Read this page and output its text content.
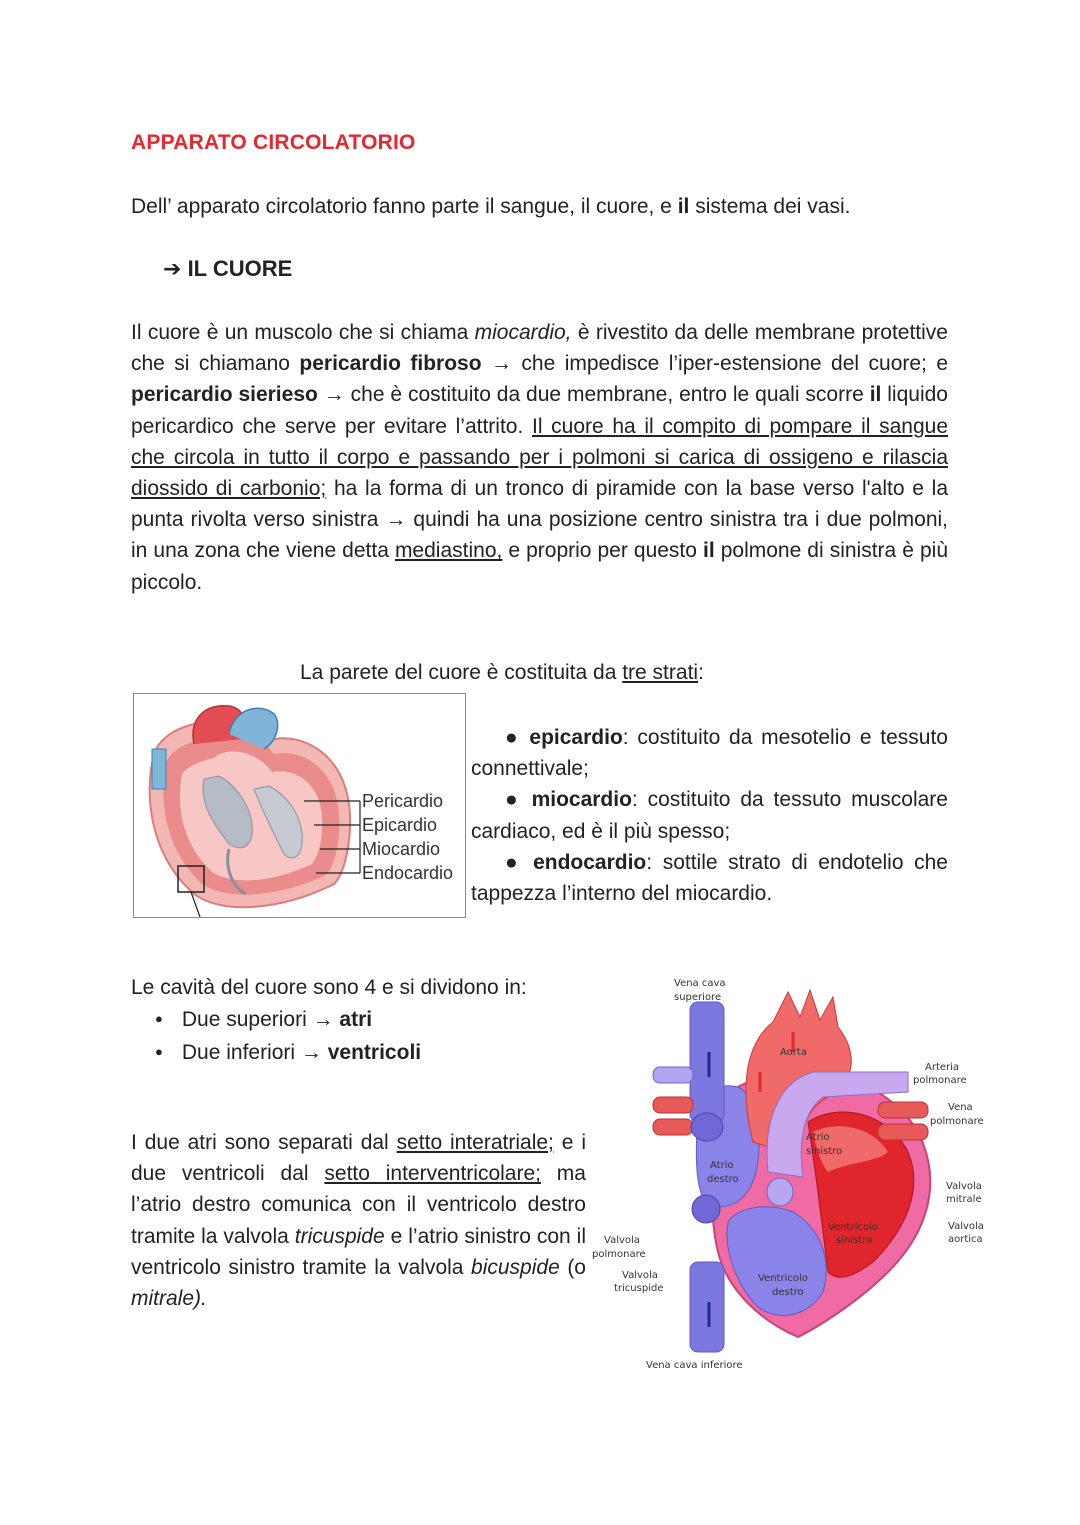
APPARATO CIRCOLATORIO
Dell’ apparato circolatorio fanno parte il sangue, il cuore, e il sistema dei vasi.
➔ IL CUORE

Il cuore è un muscolo che si chiama miocardio, è rivestito da delle membrane protettive che si chiamano pericardio fibroso → che impedisce l’iper-estensione del cuore; e pericardio sierieso → che è costituito da due membrane, entro le quali scorre il liquido pericardico che serve per evitare l’attrito. Il cuore ha il compito di pompare il sangue che circola in tutto il corpo e passando per i polmoni si carica di ossigeno e rilascia diossido di carbonio; ha la forma di un tronco di piramide con la base verso l'alto e la punta rivolta verso sinistra → quindi ha una posizione centro sinistra tra i due polmoni, in una zona che viene detta mediastino, e proprio per questo il polmone di sinistra è più piccolo.

La parete del cuore è costituita da tre strati:
Pericardio
Epicardio
Miocardio
Endocardio

● epicardio: costituito da mesotelio e tessuto connettivale;

● miocardio: costituito da tessuto muscolare cardiaco, ed è il più spesso;

● endocardio: sottile strato di endotelio che tappezza l’interno del miocardio.

Le cavità del cuore sono 4 e si dividono in:
● Due superiori → atri
● Due inferiori → ventricoli
I due atri sono separati dal setto interatriale; e i due ventricoli dal setto interventricolare; ma l’atrio destro comunica con il ventricolo destro tramite la valvola tricuspide e l’atrio sinistro con il ventricolo sinistro tramite la valvola bicuspide (o mitrale).
Vena cava
superiore
Aorta
Arteria
polmonare
Vena
polmonare
Atrio
sinistro
Atrio
destro
Valvola
mitrale
Valvola
aortica
Ventricolo
sinistro
Valvola
polmonare
Valvola
tricuspide
Ventricolo
destro
Vena cava inferiore
